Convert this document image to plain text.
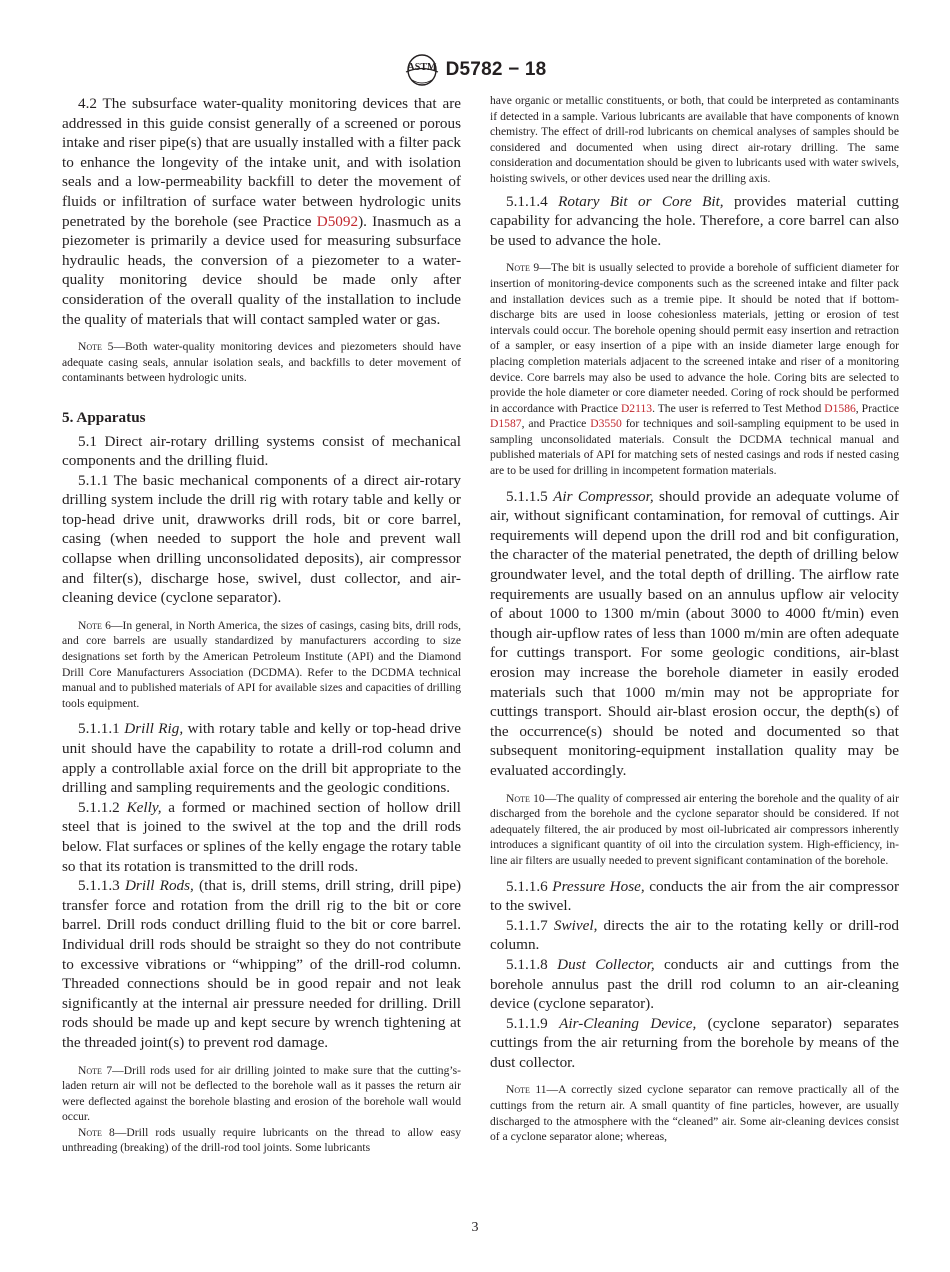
ASTM D5782 − 18

4.2 The subsurface water-quality monitoring devices that are addressed in this guide consist generally of a screened or porous intake and riser pipe(s) that are usually installed with a filter pack to enhance the longevity of the intake unit, and with isolation seals and a low-permeability backfill to deter the movement of fluids or infiltration of surface water between hydrologic units penetrated by the borehole (see Practice D5092). Inasmuch as a piezometer is primarily a device used for measuring subsurface hydraulic heads, the conversion of a piezometer to a water-quality monitoring device should be made only after consideration of the overall quality of the installation to include the quality of materials that will contact sampled water or gas.

Note 5—Both water-quality monitoring devices and piezometers should have adequate casing seals, annular isolation seals, and backfills to deter movement of contaminants between hydrologic units.

5. Apparatus

5.1 Direct air-rotary drilling systems consist of mechanical components and the drilling fluid.

5.1.1 The basic mechanical components of a direct air-rotary drilling system include the drill rig with rotary table and kelly or top-head drive unit, drawworks drill rods, bit or core barrel, casing (when needed to support the hole and prevent wall collapse when drilling unconsolidated deposits), air compressor and filter(s), discharge hose, swivel, dust collector, and air-cleaning device (cyclone separator).

Note 6—In general, in North America, the sizes of casings, casing bits, drill rods, and core barrels are usually standardized by manufacturers according to size designations set forth by the American Petroleum Institute (API) and the Diamond Drill Core Manufacturers Association (DCDMA). Refer to the DCDMA technical manual and to published materials of API for available sizes and capacities of drilling tools equipment.

5.1.1.1 Drill Rig, with rotary table and kelly or top-head drive unit should have the capability to rotate a drill-rod column and apply a controllable axial force on the drill bit appropriate to the drilling and sampling requirements and the geologic conditions.

5.1.1.2 Kelly, a formed or machined section of hollow drill steel that is joined to the swivel at the top and the drill rods below. Flat surfaces or splines of the kelly engage the rotary table so that its rotation is transmitted to the drill rods.

5.1.1.3 Drill Rods, (that is, drill stems, drill string, drill pipe) transfer force and rotation from the drill rig to the bit or core barrel. Drill rods conduct drilling fluid to the bit or core barrel. Individual drill rods should be straight so they do not contribute to excessive vibrations or “whipping” of the drill-rod column. Threaded connections should be in good repair and not leak significantly at the internal air pressure needed for drilling. Drill rods should be made up and kept secure by wrench tightening at the threaded joint(s) to prevent rod damage.

Note 7—Drill rods used for air drilling jointed to make sure that the cutting’s-laden return air will not be deflected to the borehole wall as it passes the return air were deflected against the borehole blasting and erosion of the borehole wall would occur.

Note 8—Drill rods usually require lubricants on the thread to allow easy unthreading (breaking) of the drill-rod tool joints. Some lubricants

have organic or metallic constituents, or both, that could be interpreted as contaminants if detected in a sample. Various lubricants are available that have components of known chemistry. The effect of drill-rod lubricants on chemical analyses of samples should be considered and documented when using direct air-rotary drilling. The same consideration and documentation should be given to lubricants used with water swivels, hoisting swivels, or other devices used near the drilling axis.

5.1.1.4 Rotary Bit or Core Bit, provides material cutting capability for advancing the hole. Therefore, a core barrel can also be used to advance the hole.

Note 9—The bit is usually selected to provide a borehole of sufficient diameter for insertion of monitoring-device components such as the screened intake and filter pack and installation devices such as a tremie pipe. It should be noted that if bottom-discharge bits are used in loose cohesionless materials, jetting or erosion of test intervals could occur. The borehole opening should permit easy insertion and retraction of a sampler, or easy insertion of a pipe with an inside diameter large enough for placing completion materials adjacent to the screened intake and riser of a monitoring device. Core barrels may also be used to advance the hole. Coring bits are selected to provide the hole diameter or core diameter needed. Coring of rock should be performed in accordance with Practice D2113. The user is referred to Test Method D1586, Practice D1587, and Practice D3550 for techniques and soil-sampling equipment to be used in sampling unconsolidated materials. Consult the DCDMA technical manual and published materials of API for matching sets of nested casings and rods if nested casing are to be used for drilling in incompetent formation materials.

5.1.1.5 Air Compressor, should provide an adequate volume of air, without significant contamination, for removal of cuttings. Air requirements will depend upon the drill rod and bit configuration, the character of the material penetrated, the depth of drilling below groundwater level, and the total depth of drilling. The airflow rate requirements are usually based on an annulus upflow air velocity of about 1000 to 1300 m/min (about 3000 to 4000 ft/min) even though air-upflow rates of less than 1000 m/min are often adequate for cuttings transport. For some geologic conditions, air-blast erosion may increase the borehole diameter in easily eroded materials such that 1000 m/min may not be appropriate for cuttings transport. Should air-blast erosion occur, the depth(s) of the occurrence(s) should be noted and documented so that subsequent monitoring-equipment installation quality may be evaluated accordingly.

Note 10—The quality of compressed air entering the borehole and the quality of air discharged from the borehole and the cyclone separator should be considered. If not adequately filtered, the air produced by most oil-lubricated air compressors inherently introduces a significant quantity of oil into the circulation system. High-efficiency, in-line air filters are usually needed to prevent significant contamination of the borehole.

5.1.1.6 Pressure Hose, conducts the air from the air compressor to the swivel.

5.1.1.7 Swivel, directs the air to the rotating kelly or drill-rod column.

5.1.1.8 Dust Collector, conducts air and cuttings from the borehole annulus past the drill rod column to an air-cleaning device (cyclone separator).

5.1.1.9 Air-Cleaning Device, (cyclone separator) separates cuttings from the air returning from the borehole by means of the dust collector.

Note 11—A correctly sized cyclone separator can remove practically all of the cuttings from the return air. A small quantity of fine particles, however, are usually discharged to the atmosphere with the “cleaned” air. Some air-cleaning devices consist of a cyclone separator alone; whereas,

3
